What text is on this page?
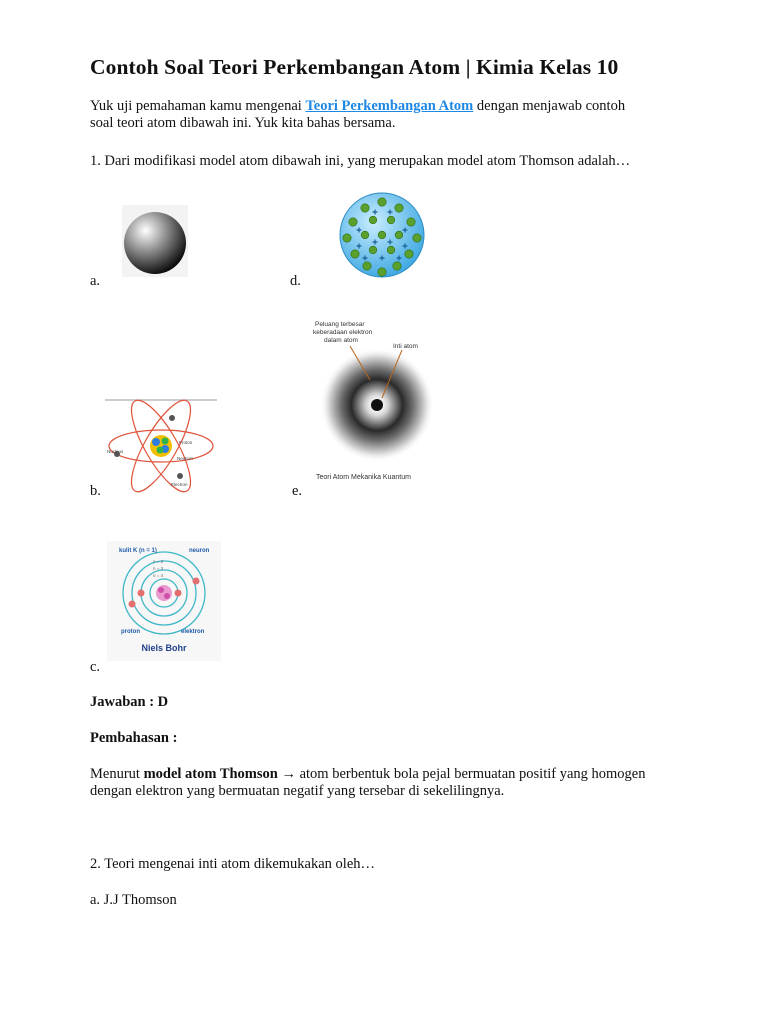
Contoh Soal Teori Perkembangan Atom | Kimia Kelas 10

Yuk uji pemahaman kamu mengenai Teori Perkembangan Atom dengan menjawab contoh

soal teori atom dibawah ini. Yuk kita bahas bersama.

1. Dari modifikasi model atom dibawah ini, yang merupakan model atom Thomson adalah…

a.	d.

Peluang terbesar
keberadaan elektron
dalam atom
Inti atom
Teori Atom Mekanika Kuantum

e.

Nucleus
Proton
Neutron
Electron

b.

kulit K (n = 1)
n = 2
n = 3
n = 4
neuron
proton	elektron
Niels Bohr

c.

Jawaban : D

Pembahasan :

Menurut model atom Thomson → atom berbentuk bola pejal bermuatan positif yang homogen

dengan elektron yang bermuatan negatif yang tersebar di sekelilingnya.

2. Teori mengenai inti atom dikemukakan oleh…

a. J.J Thomson
